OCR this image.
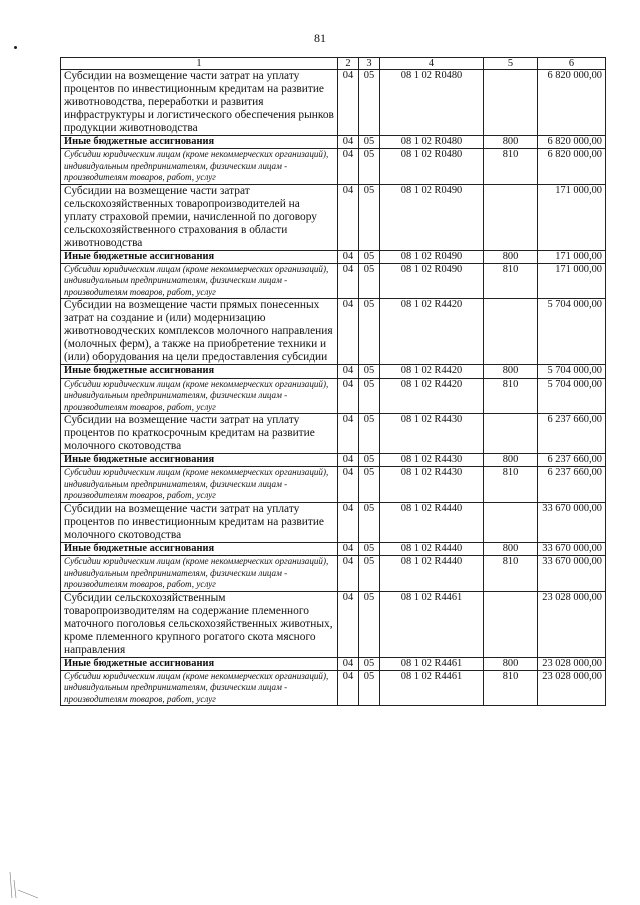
81
1	2	3	4	5	6
Субсидии на возмещение части затрат на уплату процентов по инвестиционным кредитам на развитие животноводства, переработки и развития инфраструктуры и логистического обеспечения рынков продукции животноводства	04	05	08 1 02 R0480		6 820 000,00
Иные бюджетные ассигнования	04	05	08 1 02 R0480	800	6 820 000,00
Субсидии юридическим лицам (кроме некоммерческих организаций), индивидуальным предпринимателям, физическим лицам - производителям товаров, работ, услуг	04	05	08 1 02 R0480	810	6 820 000,00
Субсидии на возмещение части затрат сельскохозяйственных товаропроизводителей на уплату страховой премии, начисленной по договору сельскохозяйственного страхования в области животноводства	04	05	08 1 02 R0490		171 000,00
Иные бюджетные ассигнования	04	05	08 1 02 R0490	800	171 000,00
Субсидии юридическим лицам (кроме некоммерческих организаций), индивидуальным предпринимателям, физическим лицам - производителям товаров, работ, услуг	04	05	08 1 02 R0490	810	171 000,00
Субсидии на возмещение части прямых понесенных затрат на создание и (или) модернизацию животноводческих комплексов молочного направления (молочных ферм), а также на приобретение техники и (или) оборудования на цели предоставления субсидии	04	05	08 1 02 R4420		5 704 000,00
Иные бюджетные ассигнования	04	05	08 1 02 R4420	800	5 704 000,00
Субсидии юридическим лицам (кроме некоммерческих организаций), индивидуальным предпринимателям, физическим лицам - производителям товаров, работ, услуг	04	05	08 1 02 R4420	810	5 704 000,00
Субсидии на возмещение части затрат на уплату процентов по краткосрочным кредитам на развитие молочного скотоводства	04	05	08 1 02 R4430		6 237 660,00
Иные бюджетные ассигнования	04	05	08 1 02 R4430	800	6 237 660,00
Субсидии юридическим лицам (кроме некоммерческих организаций), индивидуальным предпринимателям, физическим лицам - производителям товаров, работ, услуг	04	05	08 1 02 R4430	810	6 237 660,00
Субсидии на возмещение части затрат на уплату процентов по инвестиционным кредитам на развитие молочного скотоводства	04	05	08 1 02 R4440		33 670 000,00
Иные бюджетные ассигнования	04	05	08 1 02 R4440	800	33 670 000,00
Субсидии юридическим лицам (кроме некоммерческих организаций), индивидуальным предпринимателям, физическим лицам - производителям товаров, работ, услуг	04	05	08 1 02 R4440	810	33 670 000,00
Субсидии сельскохозяйственным товаропроизводителям на содержание племенного маточного поголовья сельскохозяйственных животных, кроме племенного крупного рогатого скота мясного направления	04	05	08 1 02 R4461		23 028 000,00
Иные бюджетные ассигнования	04	05	08 1 02 R4461	800	23 028 000,00
Субсидии юридическим лицам (кроме некоммерческих организаций), индивидуальным предпринимателям, физическим лицам - производителям товаров, работ, услуг	04	05	08 1 02 R4461	810	23 028 000,00
